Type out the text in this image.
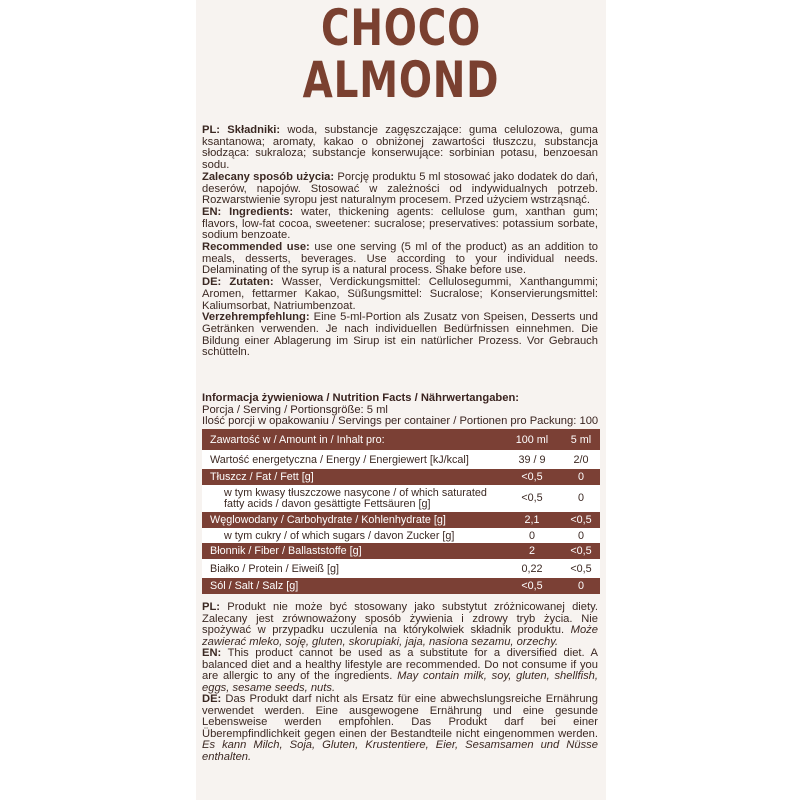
CHOCO
ALMOND

PL: Składniki: woda, substancje zagęszczające: guma celulozowa, guma ksantanowa; aromaty, kakao o obniżonej zawartości tłuszczu, substancja słodząca: sukraloza; substancje konserwujące: sorbinian potasu, benzoesan sodu.

Zalecany sposób użycia: Porcję produktu 5 ml stosować jako dodatek do dań, deserów, napojów. Stosować w zależności od indywidualnych potrzeb. Rozwarstwienie syropu jest naturalnym procesem. Przed użyciem wstrząsnąć.

EN: Ingredients: water, thickening agents: cellulose gum, xanthan gum; flavors, low-fat cocoa, sweetener: sucralose; preservatives: potassium sorbate, sodium benzoate.

Recommended use: use one serving (5 ml of the product) as an addition to meals, desserts, beverages. Use according to your individual needs. Delaminating of the syrup is a natural process. Shake before use.

DE: Zutaten: Wasser, Verdickungsmittel: Cellulosegummi, Xanthangummi; Aromen, fettarmer Kakao, Süßungsmittel: Sucralose; Konservierungsmittel: Kaliumsorbat, Natriumbenzoat.

Verzehrempfehlung: Eine 5-ml-Portion als Zusatz von Speisen, Desserts und Getränken verwenden. Je nach individuellen Bedürfnissen einnehmen. Die Bildung einer Ablagerung im Sirup ist ein natürlicher Prozess. Vor Gebrauch schütteln.

Informacja żywieniowa / Nutrition Facts / Nährwertangaben:
Porcja / Serving / Portionsgröße: 5 ml
Ilość porcji w opakowaniu / Servings per container / Portionen pro Packung: 100
Zawartość w / Amount in / Inhalt pro:	100 ml	5 ml
Wartość energetyczna / Energy / Energiewert [kJ/kcal]	39 / 9	2/0
Tłuszcz / Fat / Fett [g]	<0,5	0
w tym kwasy tłuszczowe nasycone / of which saturated fatty acids / davon gesättigte Fettsäuren [g]	<0,5	0
Węglowodany / Carbohydrate / Kohlenhydrate [g]	2,1	<0,5
w tym cukry / of which sugars / davon Zucker [g]	0	0
Błonnik / Fiber / Ballaststoffe [g]	2	<0,5
Białko / Protein / Eiweiß [g]	0,22	<0,5
Sól / Salt / Salz [g]	<0,5	0

PL: Produkt nie może być stosowany jako substytut zróżnicowanej diety. Zalecany jest zrównoważony sposób żywienia i zdrowy tryb życia. Nie spożywać w przypadku uczulenia na którykolwiek składnik produktu. Może zawierać mleko, soję, gluten, skorupiaki, jaja, nasiona sezamu, orzechy.

EN: This product cannot be used as a substitute for a diversified diet. A balanced diet and a healthy lifestyle are recommended. Do not consume if you are allergic to any of the ingredients. May contain milk, soy, gluten, shellfish, eggs, sesame seeds, nuts.

DE: Das Produkt darf nicht als Ersatz für eine abwechslungsreiche Ernährung verwendet werden. Eine ausgewogene Ernährung und eine gesunde Lebensweise werden empfohlen. Das Produkt darf bei einer Überempfindlichkeit gegen einen der Bestandteile nicht eingenommen werden. Es kann Milch, Soja, Gluten, Krustentiere, Eier, Sesamsamen und Nüsse enthalten.
